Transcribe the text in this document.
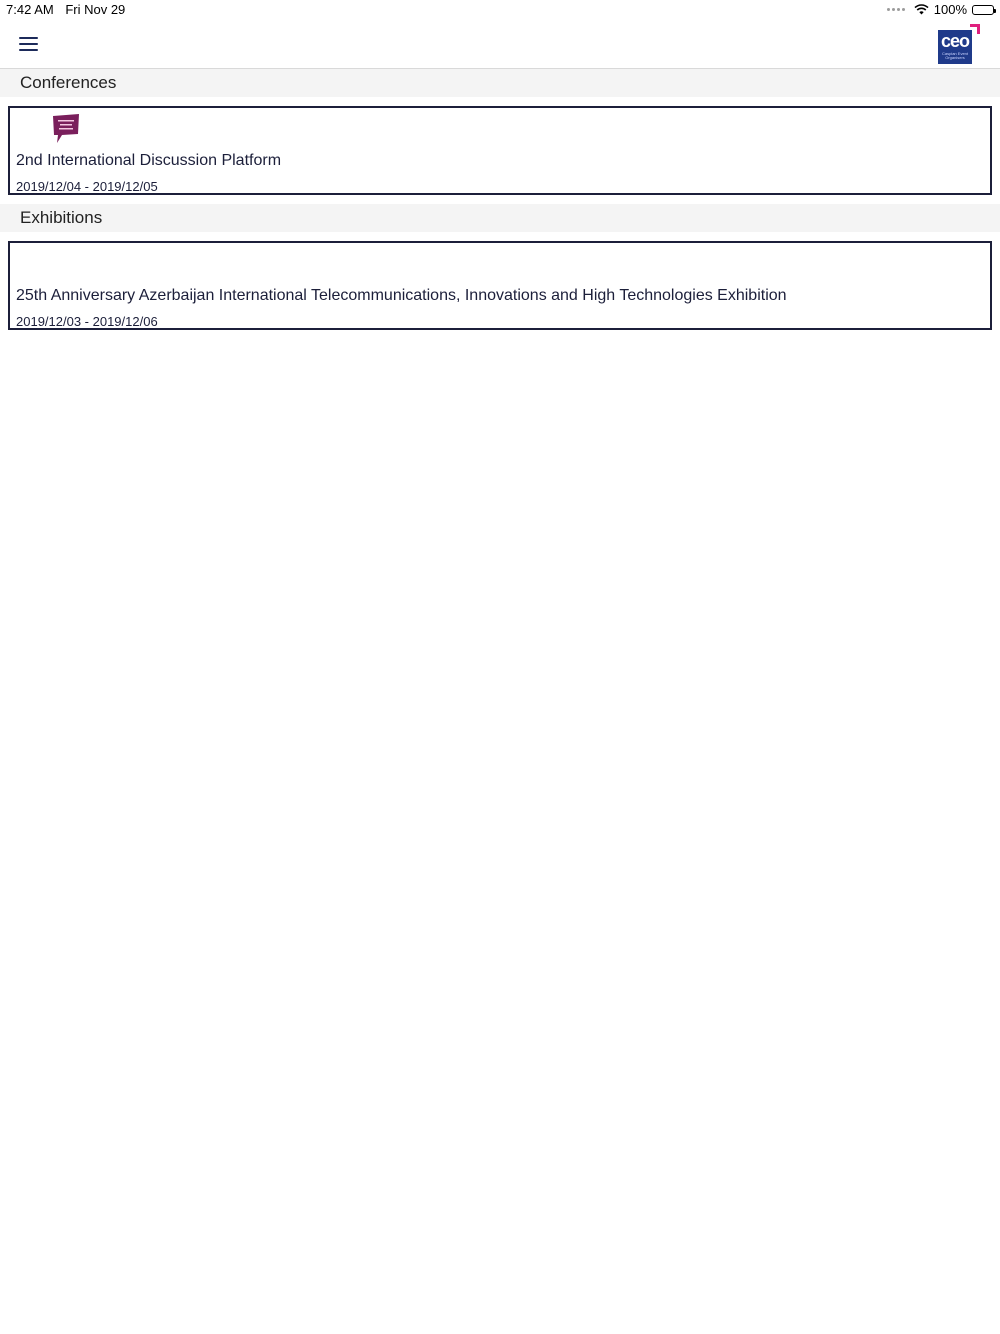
7:42 AM Fri Nov 29	100%
ceo
Caspian Event Organisers
Conferences
2nd International Discussion Platform
2019/12/04 - 2019/12/05
Exhibitions
25th Anniversary Azerbaijan International Telecommunications, Innovations and High Technologies Exhibition
2019/12/03 - 2019/12/06
